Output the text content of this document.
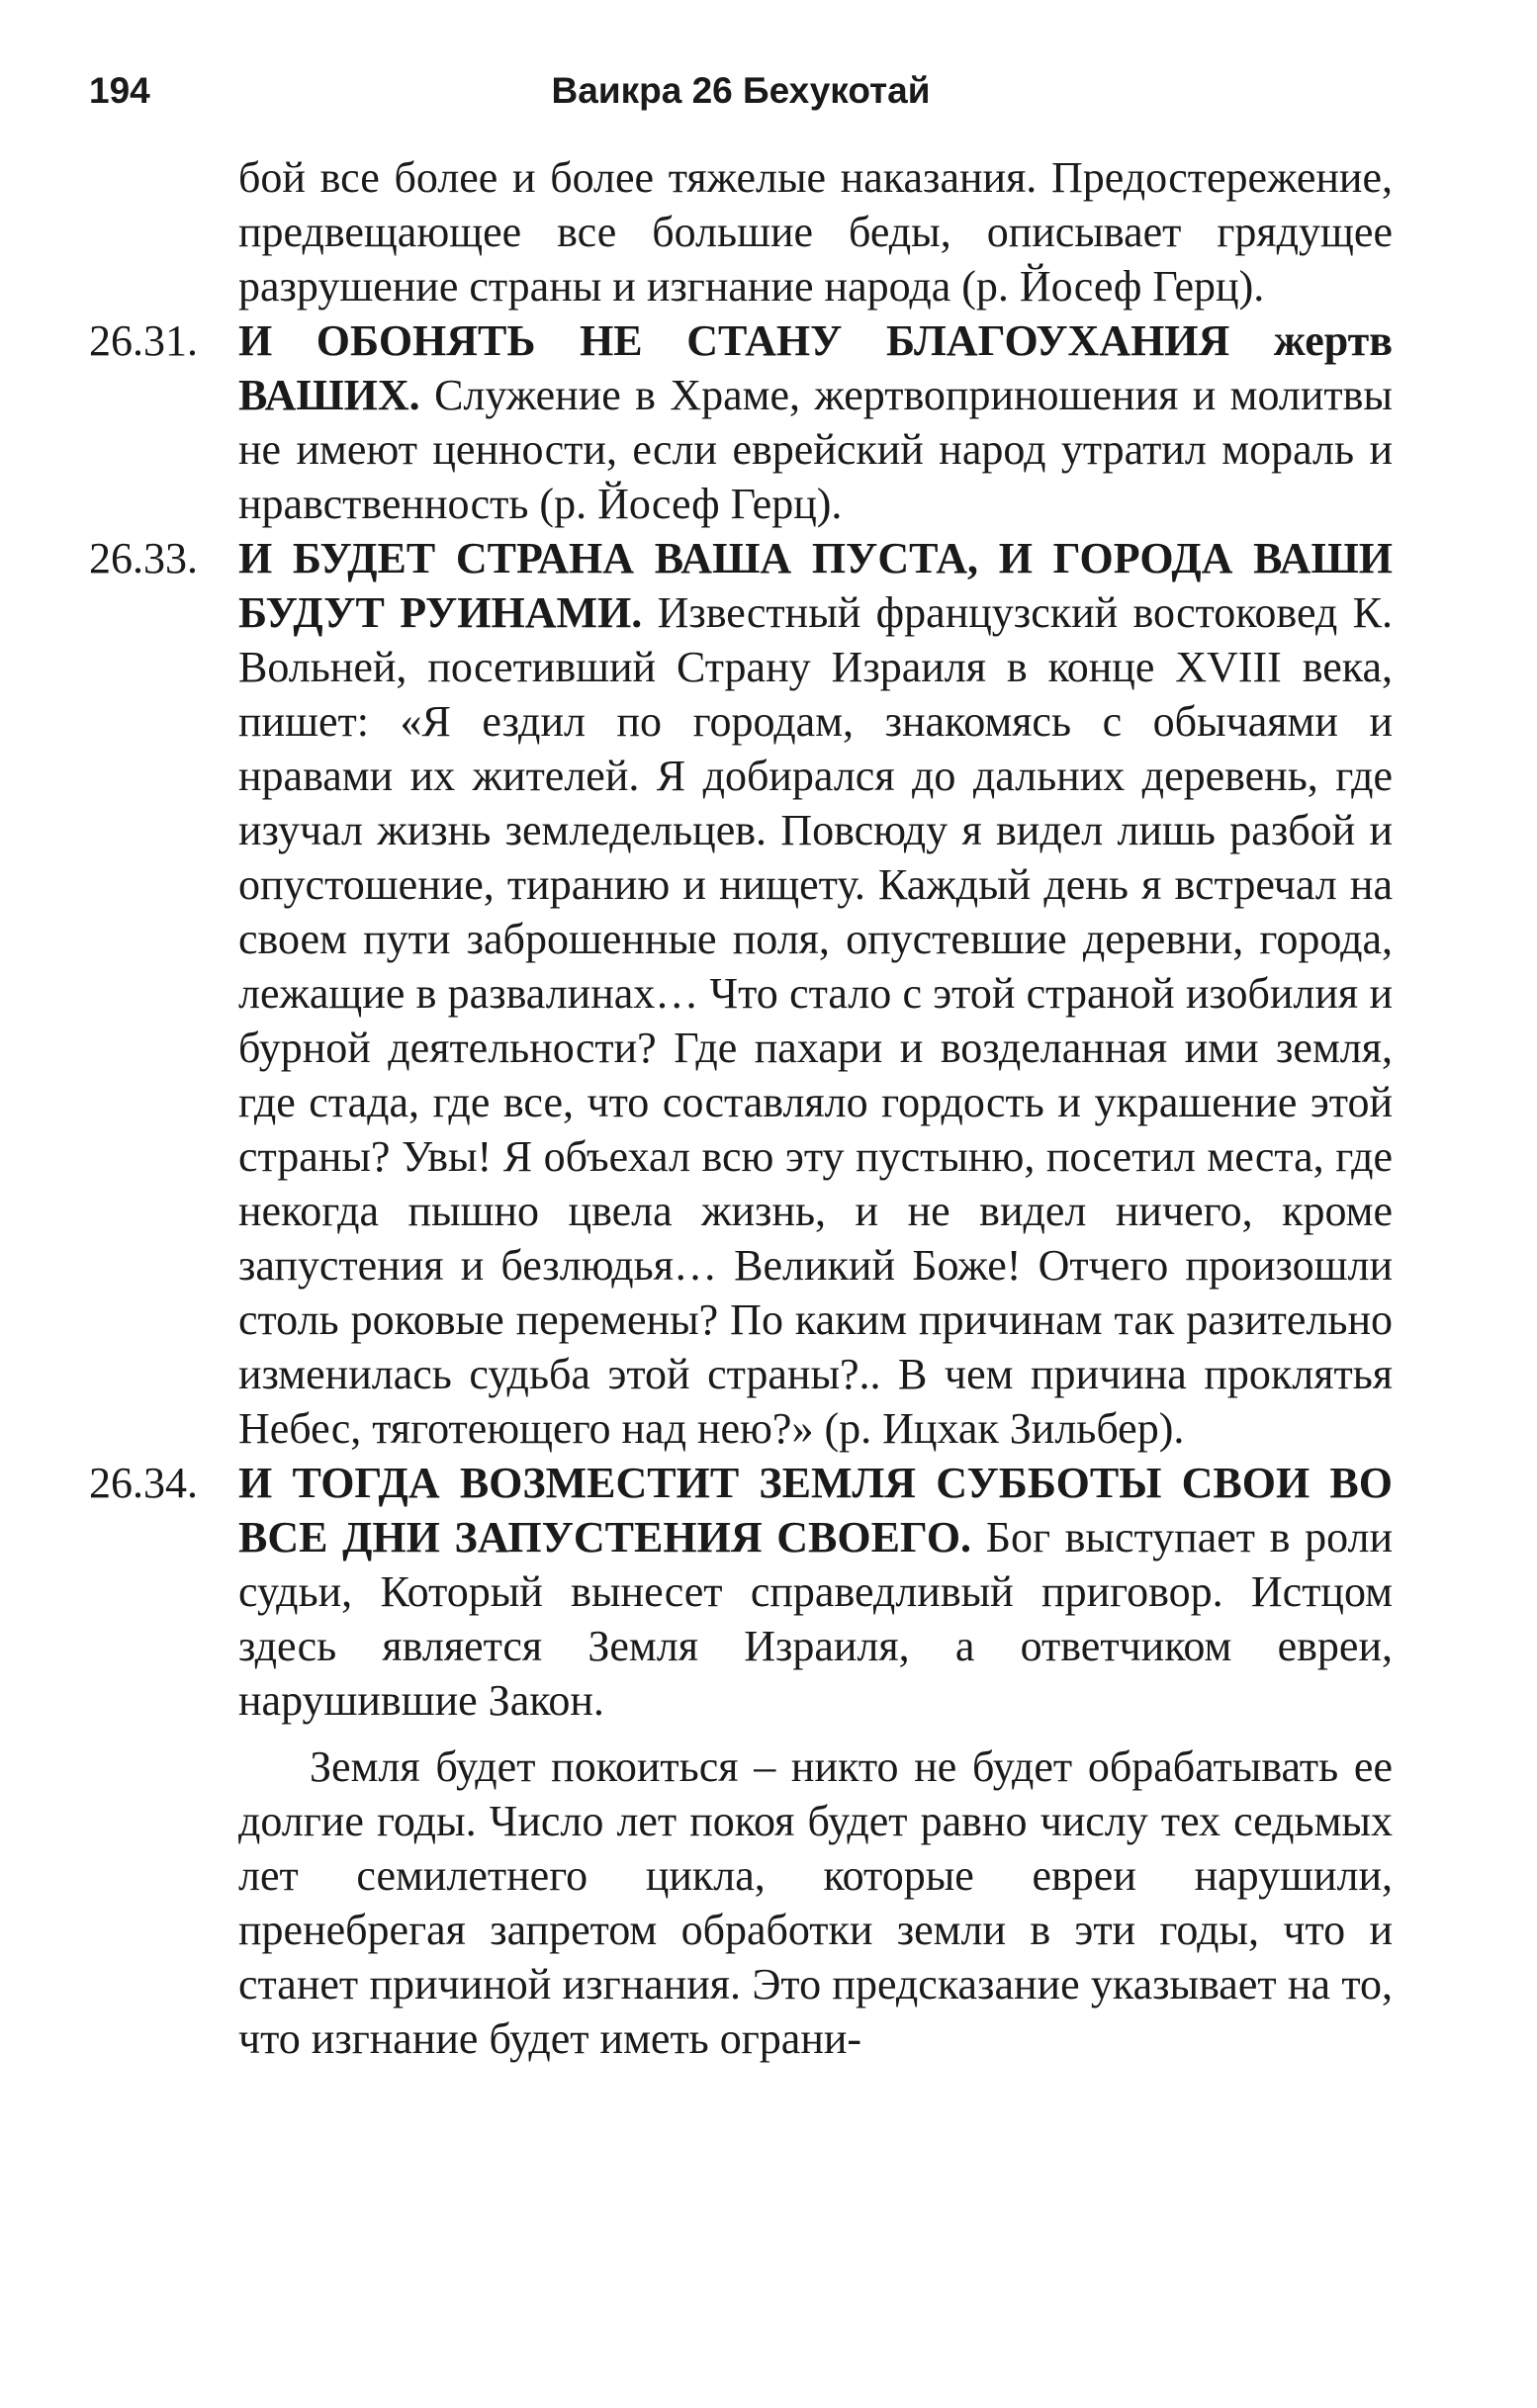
194	Ваикра 26 Бехукотай
бой все более и более тяжелые наказания. Предостережение, предвещающее все большие беды, описывает грядущее разрушение страны и изгнание народа (р. Йосеф Герц).
26.31. И ОБОНЯТЬ НЕ СТАНУ БЛАГОУХАНИЯ жертв ВАШИХ. Служение в Храме, жертвоприношения и молитвы не имеют ценности, если еврейский народ утратил мораль и нравственность (р. Йосеф Герц).
26.33. И БУДЕТ СТРАНА ВАША ПУСТА, И ГОРОДА ВАШИ БУДУТ РУИНАМИ. Известный французский востоковед К. Вольней, посетивший Страну Израиля в конце XVIII века, пишет: «Я ездил по городам, знакомясь с обычаями и нравами их жителей. Я добирался до дальних деревень, где изучал жизнь земледельцев. Повсюду я видел лишь разбой и опустошение, тиранию и нищету. Каждый день я встречал на своем пути заброшенные поля, опустевшие деревни, города, лежащие в развалинах… Что стало с этой страной изобилия и бурной деятельности? Где пахари и возделанная ими земля, где стада, где все, что составляло гордость и украшение этой страны? Увы! Я объехал всю эту пустыню, посетил места, где некогда пышно цвела жизнь, и не видел ничего, кроме запустения и безлюдья… Великий Боже! Отчего произошли столь роковые перемены? По каким причинам так разительно изменилась судьба этой страны?.. В чем причина проклятья Небес, тяготеющего над нею?» (р. Ицхак Зильбер).
26.34. И ТОГДА ВОЗМЕСТИТ ЗЕМЛЯ СУББОТЫ СВОИ ВО ВСЕ ДНИ ЗАПУСТЕНИЯ СВОЕГО. Бог выступает в роли судьи, Который вынесет справедливый приговор. Истцом здесь является Земля Израиля, а ответчиком евреи, нарушившие Закон.
Земля будет покоиться – никто не будет обрабатывать ее долгие годы. Число лет покоя будет равно числу тех седьмых лет семилетнего цикла, которые евреи нарушили, пренебрегая запретом обработки земли в эти годы, что и станет причиной изгнания. Это предсказание указывает на то, что изгнание будет иметь ограни-
